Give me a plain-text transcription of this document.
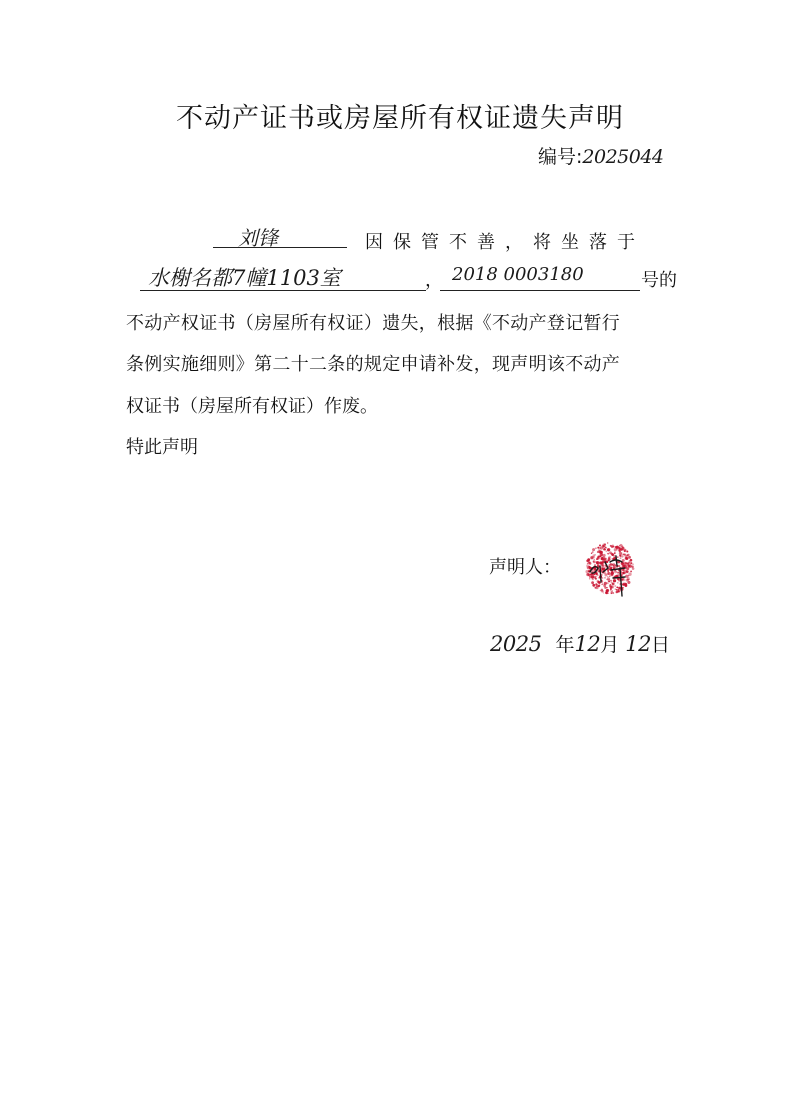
不动产证书或房屋所有权证遗失声明
编号:2025044
刘锋	因保管不善，将坐落于
水榭名都7幢1103室	， 2018 0003180	号的
不动产权证书（房屋所有权证）遗失，根据《不动产登记暂行
条例实施细则》第二十二条的规定申请补发，现声明该不动产
权证书（房屋所有权证）作废。
特此声明
声明人：
2025 年12月 12日
